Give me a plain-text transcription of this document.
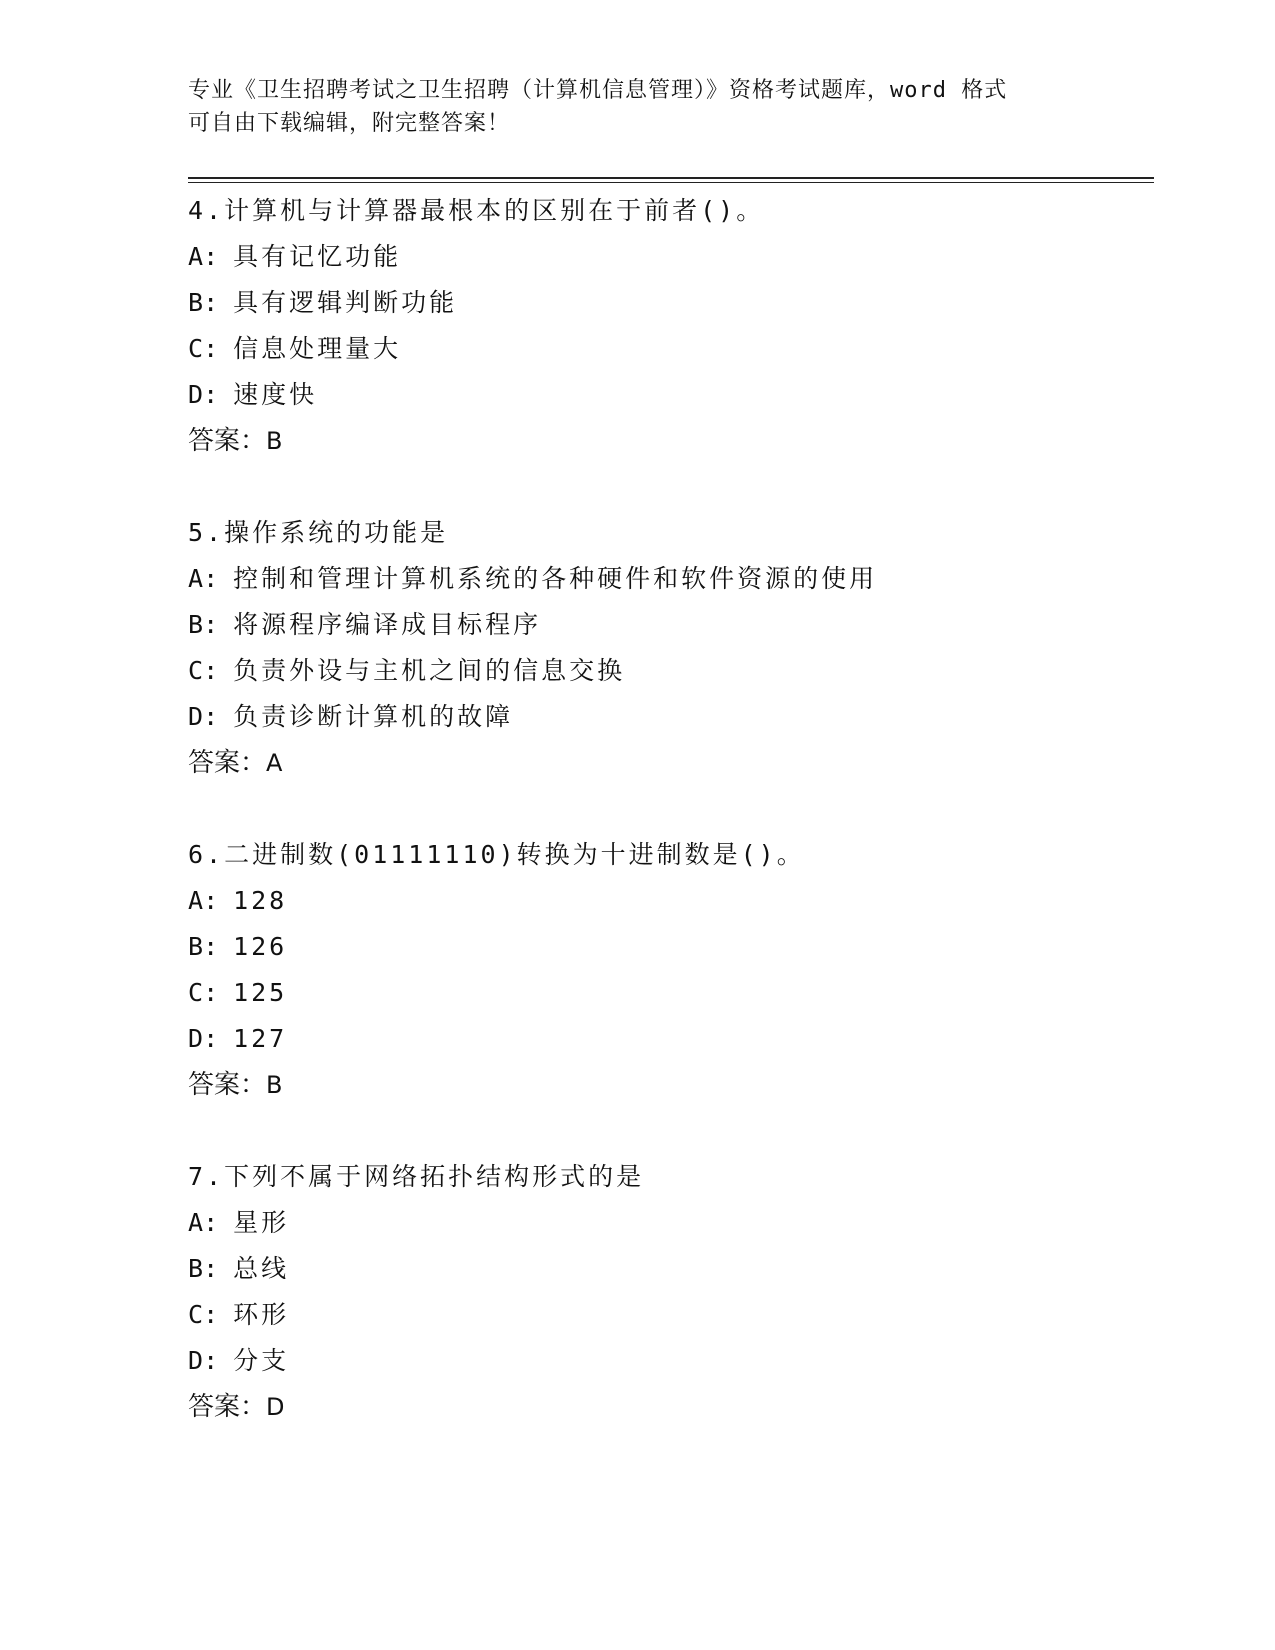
专业《卫生招聘考试之卫生招聘（计算机信息管理）》资格考试题库，word 格式
可自由下载编辑，附完整答案！
4.计算机与计算器最根本的区别在于前者()。
A: 具有记忆功能
B: 具有逻辑判断功能
C: 信息处理量大
D: 速度快
答案：B
5.操作系统的功能是
A: 控制和管理计算机系统的各种硬件和软件资源的使用
B: 将源程序编译成目标程序
C: 负责外设与主机之间的信息交换
D: 负责诊断计算机的故障
答案：A
6.二进制数(01111110)转换为十进制数是()。
A: 128
B: 126
C: 125
D: 127
答案：B
7.下列不属于网络拓扑结构形式的是
A: 星形
B: 总线
C: 环形
D: 分支
答案：D
